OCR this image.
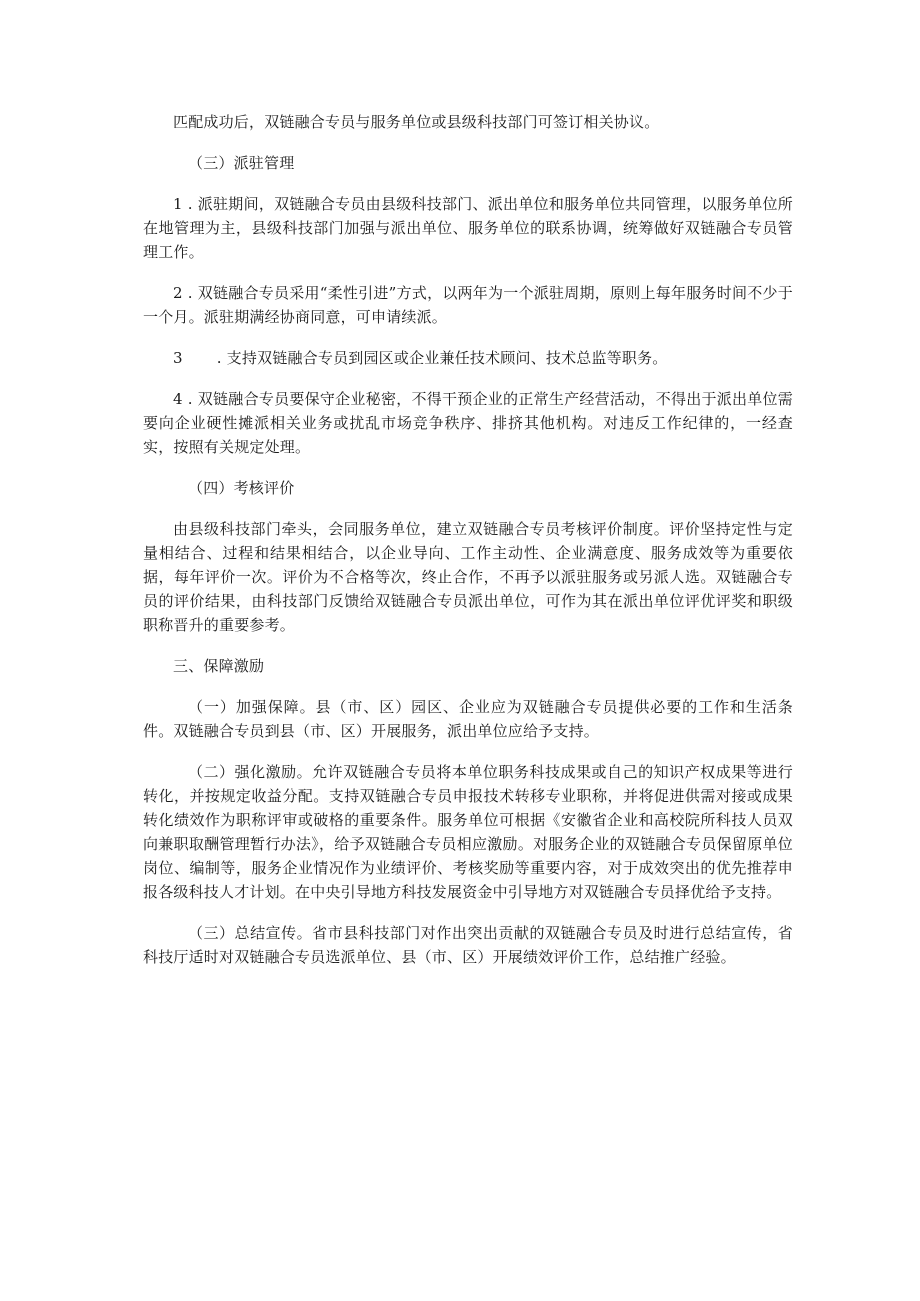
匹配成功后，双链融合专员与服务单位或县级科技部门可签订相关协议。

（三）派驻管理

1 . 派驻期间，双链融合专员由县级科技部门、派出单位和服务单位共同管理，以服务单位所在地管理为主，县级科技部门加强与派出单位、服务单位的联系协调，统筹做好双链融合专员管理工作。

2 . 双链融合专员采用“柔性引进”方式，以两年为一个派驻周期，原则上每年服务时间不少于一个月。派驻期满经协商同意，可申请续派。

3 . 支持双链融合专员到园区或企业兼任技术顾问、技术总监等职务。

4 . 双链融合专员要保守企业秘密，不得干预企业的正常生产经营活动，不得出于派出单位需要向企业硬性摊派相关业务或扰乱市场竞争秩序、排挤其他机构。对违反工作纪律的，一经查实，按照有关规定处理。

（四）考核评价

由县级科技部门牵头，会同服务单位，建立双链融合专员考核评价制度。评价坚持定性与定量相结合、过程和结果相结合，以企业导向、工作主动性、企业满意度、服务成效等为重要依据，每年评价一次。评价为不合格等次，终止合作，不再予以派驻服务或另派人选。双链融合专员的评价结果，由科技部门反馈给双链融合专员派出单位，可作为其在派出单位评优评奖和职级职称晋升的重要参考。

三、保障激励

（一）加强保障。县（市、区）园区、企业应为双链融合专员提供必要的工作和生活条件。双链融合专员到县（市、区）开展服务，派出单位应给予支持。

（二）强化激励。允许双链融合专员将本单位职务科技成果或自己的知识产权成果等进行转化，并按规定收益分配。支持双链融合专员申报技术转移专业职称，并将促进供需对接或成果转化绩效作为职称评审或破格的重要条件。服务单位可根据《安徽省企业和高校院所科技人员双向兼职取酬管理暂行办法》，给予双链融合专员相应激励。对服务企业的双链融合专员保留原单位岗位、编制等，服务企业情况作为业绩评价、考核奖励等重要内容，对于成效突出的优先推荐申报各级科技人才计划。在中央引导地方科技发展资金中引导地方对双链融合专员择优给予支持。

（三）总结宣传。省市县科技部门对作出突出贡献的双链融合专员及时进行总结宣传，省科技厅适时对双链融合专员选派单位、县（市、区）开展绩效评价工作，总结推广经验。
